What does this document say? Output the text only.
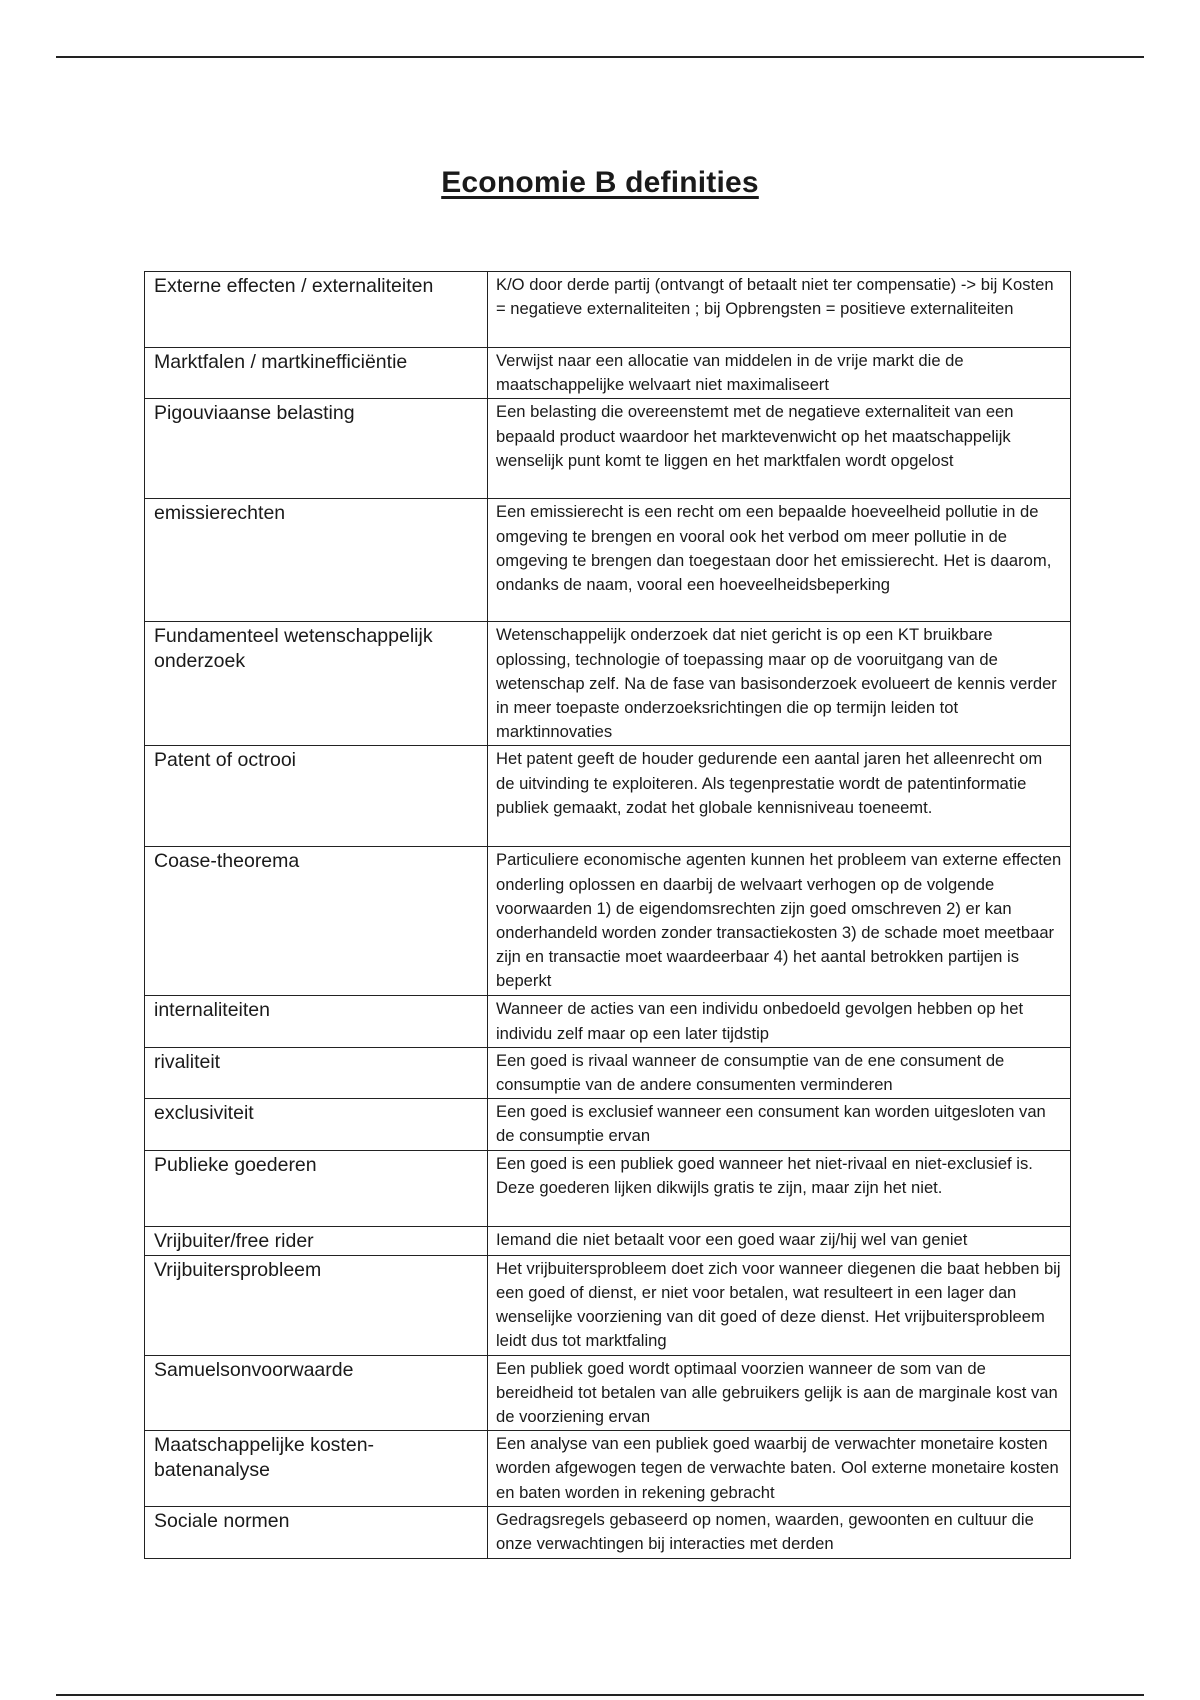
Economie B definities
Externe effecten / externaliteiten	K/O door derde partij (ontvangt of betaalt niet ter compensatie) -> bij Kosten = negatieve externaliteiten ; bij Opbrengsten = positieve externaliteiten
Marktfalen / martkinefficiëntie	Verwijst naar een allocatie van middelen in de vrije markt die de maatschappelijke welvaart niet maximaliseert
Pigouviaanse belasting	Een belasting die overeenstemt met de negatieve externaliteit van een bepaald product waardoor het marktevenwicht op het maatschappelijk wenselijk punt komt te liggen en het marktfalen wordt opgelost
emissierechten	Een emissierecht is een recht om een bepaalde hoeveelheid pollutie in de omgeving te brengen en vooral ook het verbod om meer pollutie in de omgeving te brengen dan toegestaan door het emissierecht. Het is daarom, ondanks de naam, vooral een hoeveelheidsbeperking
Fundamenteel wetenschappelijk onderzoek	Wetenschappelijk onderzoek dat niet gericht is op een KT bruikbare oplossing, technologie of toepassing maar op de vooruitgang van de wetenschap zelf. Na de fase van basisonderzoek evolueert de kennis verder in meer toepaste onderzoeksrichtingen die op termijn leiden tot marktinnovaties
Patent of octrooi	Het patent geeft de houder gedurende een aantal jaren het alleenrecht om de uitvinding te exploiteren. Als tegenprestatie wordt de patentinformatie publiek gemaakt, zodat het globale kennisniveau toeneemt.
Coase-theorema	Particuliere economische agenten kunnen het probleem van externe effecten onderling oplossen en daarbij de welvaart verhogen op de volgende voorwaarden 1) de eigendomsrechten zijn goed omschreven 2) er kan onderhandeld worden zonder transactiekosten 3) de schade moet meetbaar zijn en transactie moet waardeerbaar 4) het aantal betrokken partijen is beperkt
internaliteiten	Wanneer de acties van een individu onbedoeld gevolgen hebben op het individu zelf maar op een later tijdstip
rivaliteit	Een goed is rivaal wanneer de consumptie van de ene consument de consumptie van de andere consumenten verminderen
exclusiviteit	Een goed is exclusief wanneer een consument kan worden uitgesloten van de consumptie ervan
Publieke goederen	Een goed is een publiek goed wanneer het niet-rivaal en niet-exclusief is. Deze goederen lijken dikwijls gratis te zijn, maar zijn het niet.
Vrijbuiter/free rider	Iemand die niet betaalt voor een goed waar zij/hij wel van geniet
Vrijbuitersprobleem	Het vrijbuitersprobleem doet zich voor wanneer diegenen die baat hebben bij een goed of dienst, er niet voor betalen, wat resulteert in een lager dan wenselijke voorziening van dit goed of deze dienst. Het vrijbuitersprobleem leidt dus tot marktfaling
Samuelsonvoorwaarde	Een publiek goed wordt optimaal voorzien wanneer de som van de bereidheid tot betalen van alle gebruikers gelijk is aan de marginale kost van de voorziening ervan
Maatschappelijke kosten-batenanalyse	Een analyse van een publiek goed waarbij de verwachter monetaire kosten worden afgewogen tegen de verwachte baten. Ool externe monetaire kosten en baten worden in rekening gebracht
Sociale normen	Gedragsregels gebaseerd op nomen, waarden, gewoonten en cultuur die onze verwachtingen bij interacties met derden
